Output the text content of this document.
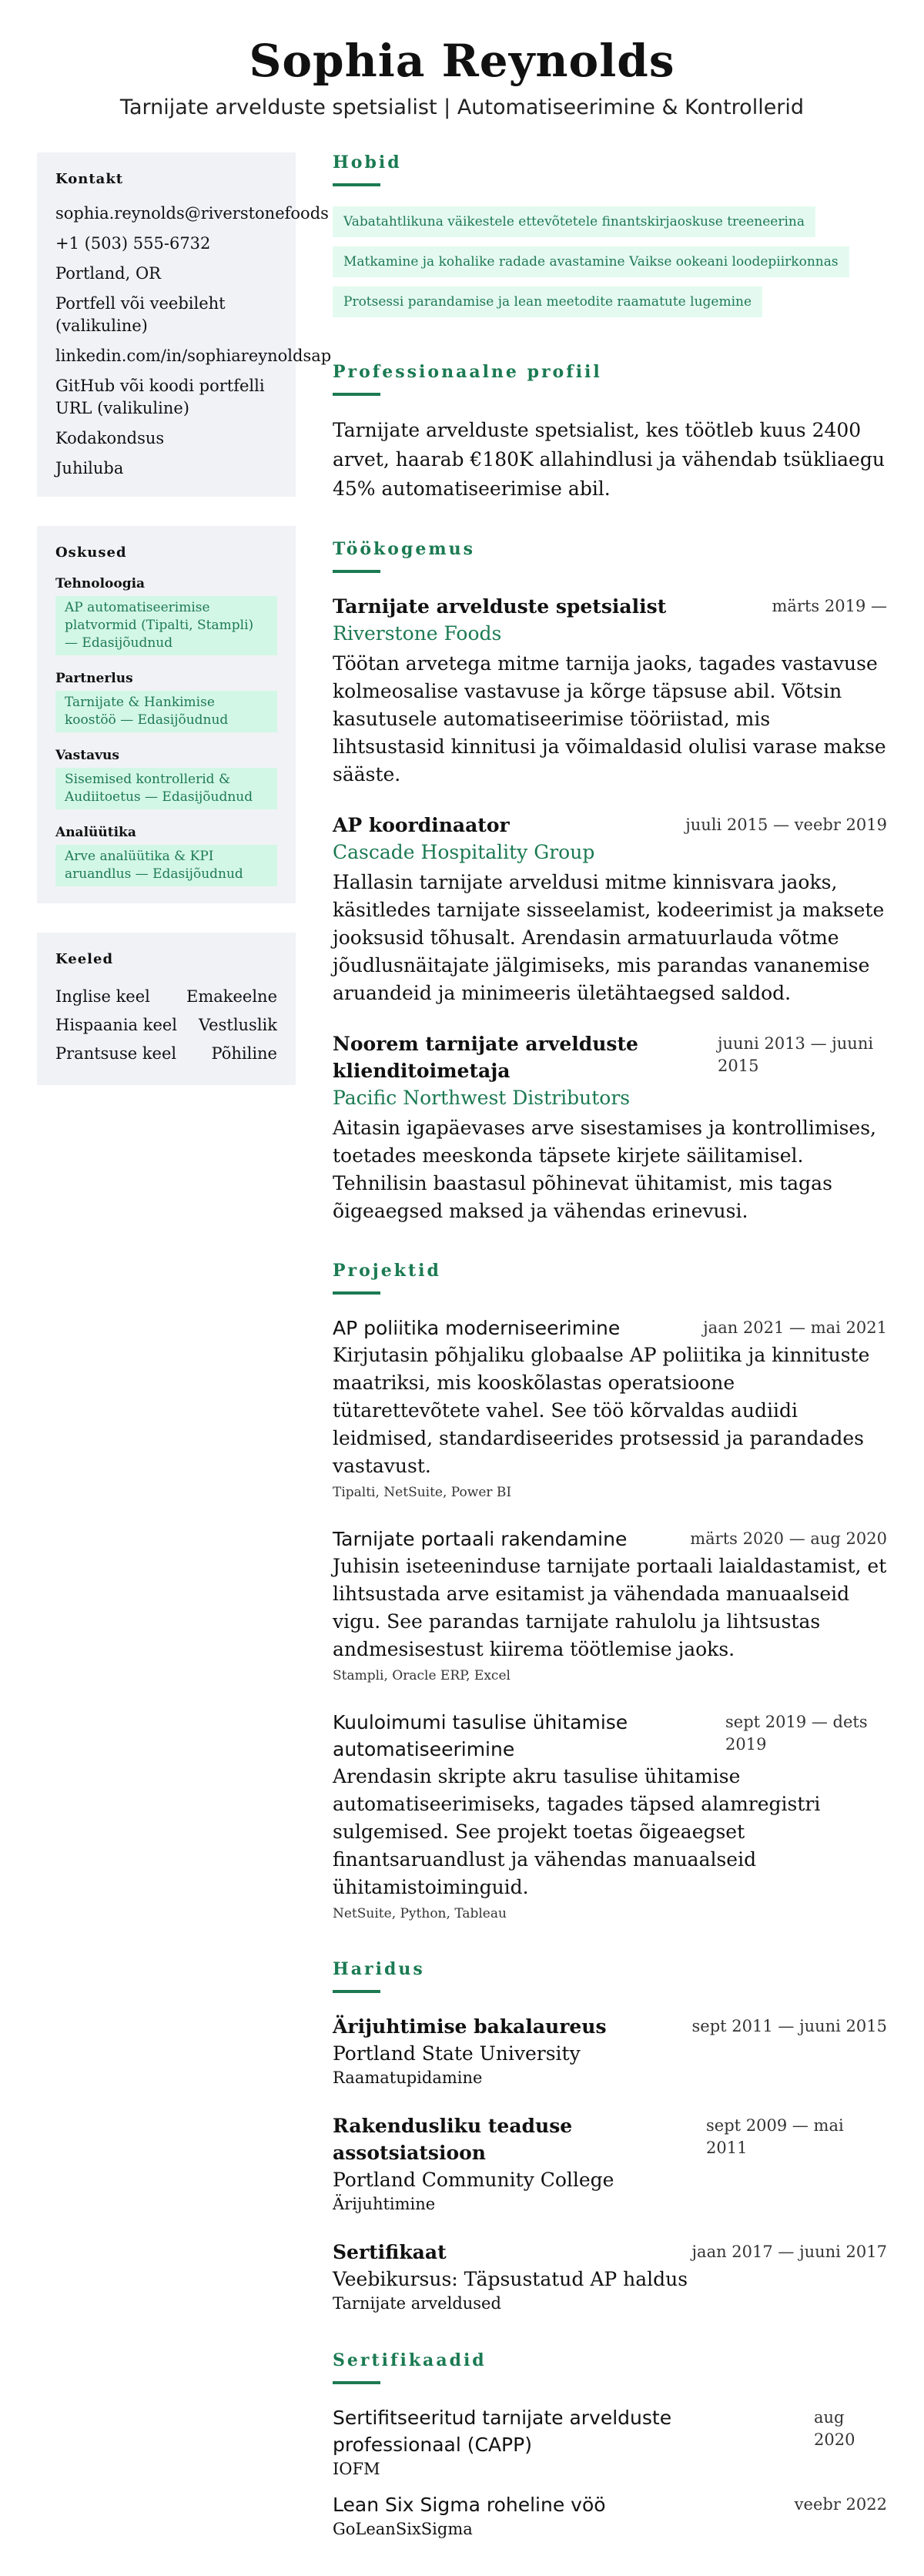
Sophia Reynolds
Tarnijate arvelduste spetsialist | Automatiseerimine & Kontrollerid
Kontakt
sophia.reynolds@riverstonefoods
+1 (503) 555-6732
Portland, OR
Portfell või veebileht (valikuline)
linkedin.com/in/sophiareynoldsap
GitHub või koodi portfelli URL (valikuline)
Kodakondsus
Juhiluba
Oskused
Tehnoloogia
AP automatiseerimise platvormid (Tipalti, Stampli) — Edasijõudnud
Partnerlus
Tarnijate & Hankimise koostöö — Edasijõudnud
Vastavus
Sisemised kontrollerid & Audiitoetus — Edasijõudnud
Analüütika
Arve analüütika & KPI aruandlus — Edasijõudnud
Keeled
Inglise keel Emakeelne
Hispaania keel Vestluslik
Prantsuse keel Põhiline
Hobid
Vabatahtlikuna väikestele ettevõtetele finantskirjaoskuse treeneerina
Matkamine ja kohalike radade avastamine Vaikse ookeani loodepiirkonnas
Protsessi parandamise ja lean meetodite raamatute lugemine
Professionaalne profiil
Tarnijate arvelduste spetsialist, kes töötleb kuus 2400 arvet, haarab €180K allahindlusi ja vähendab tsükliaegu 45% automatiseerimise abil.
Töökogemus
Tarnijate arvelduste spetsialist	märts 2019 —
Riverstone Foods
Töötan arvetega mitme tarnija jaoks, tagades vastavuse kolmeosalise vastavuse ja kõrge täpsuse abil. Võtsin kasutusele automatiseerimise tööriistad, mis lihtsustasid kinnitusi ja võimaldasid olulisi varase makse sääste.
AP koordinaator	juuli 2015 — veebr 2019
Cascade Hospitality Group
Hallasin tarnijate arveldusi mitme kinnisvara jaoks, käsitledes tarnijate sisseelamist, kodeerimist ja maksete jooksusid tõhusalt. Arendasin armatuurlauda võtme jõudlusnäitajate jälgimiseks, mis parandas vananemise aruandeid ja minimeeris ületähtaegsed saldod.
Noorem tarnijate arvelduste klienditoimetaja
juuni 2013 — juuni 2015
Pacific Northwest Distributors
Aitasin igapäevases arve sisestamises ja kontrollimises, toetades meeskonda täpsete kirjete säilitamisel. Tehnilisin baastasul põhinevat ühitamist, mis tagas õigeaegsed maksed ja vähendas erinevusi.
Projektid
AP poliitika moderniseerimine	jaan 2021 — mai 2021
Kirjutasin põhjaliku globaalse AP poliitika ja kinnituste maatriksi, mis kooskõlastas operatsioone tütarettevõtete vahel. See töö kõrvaldas audiidi leidmised, standardiseerides protsessid ja parandades vastavust.
Tipalti, NetSuite, Power BI
Tarnijate portaali rakendamine	märts 2020 — aug 2020
Juhisin iseteeninduse tarnijate portaali laialdastamist, et lihtsustada arve esitamist ja vähendada manuaalseid vigu. See parandas tarnijate rahulolu ja lihtsustas andmesisestust kiirema töötlemise jaoks.
Stampli, Oracle ERP, Excel
Kuuloimumi tasulise ühitamise automatiseerimine
sept 2019 — dets 2019
Arendasin skripte akru tasulise ühitamise automatiseerimiseks, tagades täpsed alamregistri sulgemised. See projekt toetas õigeaegset finantsaruandlust ja vähendas manuaalseid ühitamistoiminguid.
NetSuite, Python, Tableau
Haridus
Ärijuhtimise bakalaureus	sept 2011 — juuni 2015
Portland State University
Raamatupidamine
Rakendusliku teaduse assotsiatsioon
sept 2009 — mai 2011
Portland Community College
Ärijuhtimine
Sertifikaat	jaan 2017 — juuni 2017
Veebikursus: Täpsustatud AP haldus
Tarnijate arveldused
Sertifikaadid
Sertifitseeritud tarnijate arvelduste professionaal (CAPP)
aug 2020
IOFM
Lean Six Sigma roheline vöö	veebr 2022
GoLeanSixSigma
